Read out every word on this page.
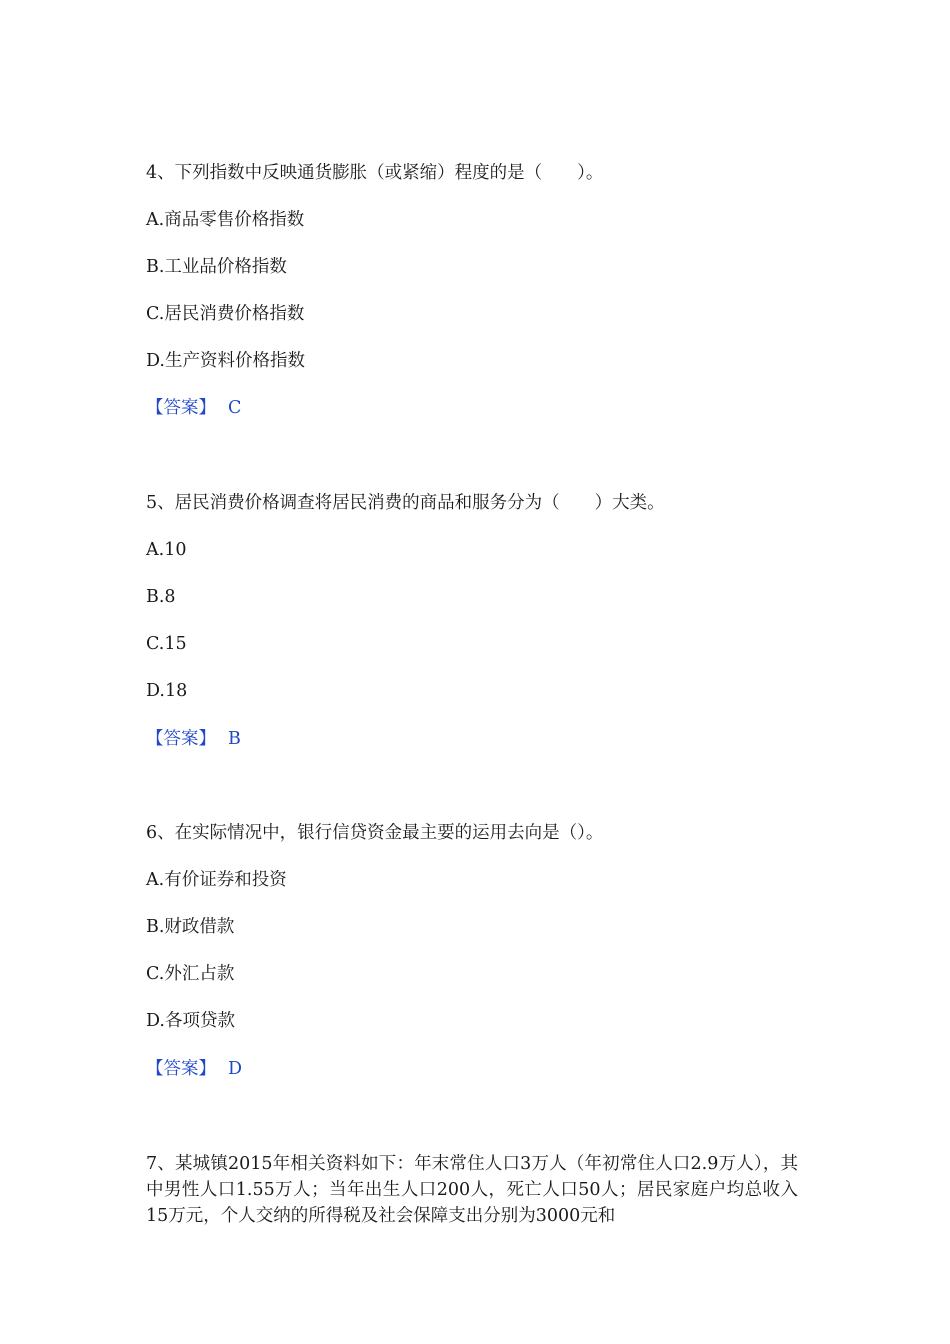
4、下列指数中反映通货膨胀（或紧缩）程度的是（　　）。
A.商品零售价格指数
B.工业品价格指数
C.居民消费价格指数
D.生产资料价格指数
【答案】 C
5、居民消费价格调查将居民消费的商品和服务分为（　　）大类。
A.10
B.8
C.15
D.18
【答案】 B
6、在实际情况中，银行信贷资金最主要的运用去向是（）。
A.有价证券和投资
B.财政借款
C.外汇占款
D.各项贷款
【答案】 D
7、某城镇2015年相关资料如下：年末常住人口3万人（年初常住人口2.9万人），其中男性人口1.55万人；当年出生人口200人，死亡人口50人；居民家庭户均总收入15万元，个人交纳的所得税及社会保障支出分别为3000元和
